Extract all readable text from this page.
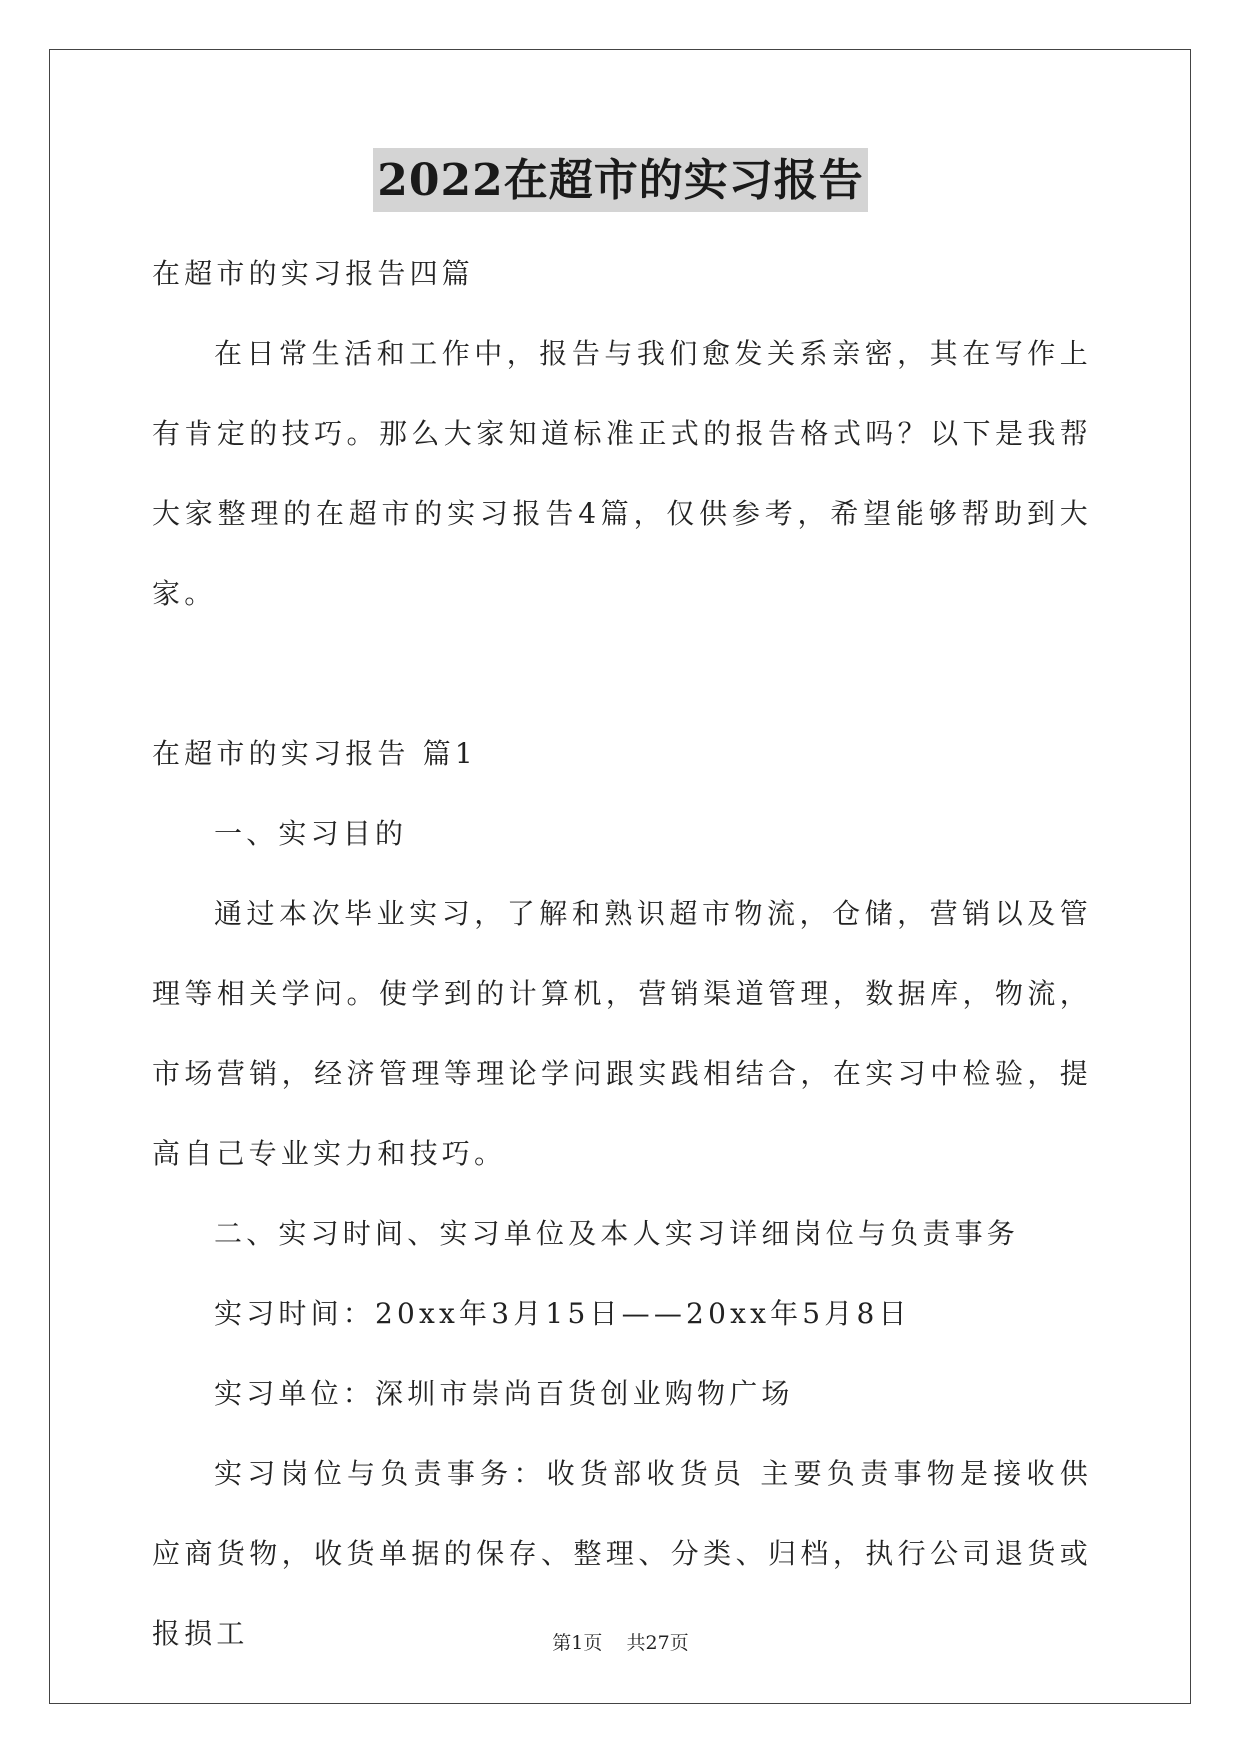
2022在超市的实习报告

在超市的实习报告四篇

在日常生活和工作中，报告与我们愈发关系亲密，其在写作上有肯定的技巧。那么大家知道标准正式的报告格式吗？以下是我帮大家整理的在超市的实习报告4篇，仅供参考，希望能够帮助到大家。

在超市的实习报告 篇1

一、实习目的

通过本次毕业实习，了解和熟识超市物流，仓储，营销以及管理等相关学问。使学到的计算机，营销渠道管理，数据库，物流，市场营销，经济管理等理论学问跟实践相结合，在实习中检验，提高自己专业实力和技巧。

二、实习时间、实习单位及本人实习详细岗位与负责事务

实习时间：20xx年3月15日——20xx年5月8日

实习单位：深圳市崇尚百货创业购物广场

实习岗位与负责事务：收货部收货员 主要负责事物是接收供应商货物，收货单据的保存、整理、分类、归档，执行公司退货或报损工	第1页 共27页
